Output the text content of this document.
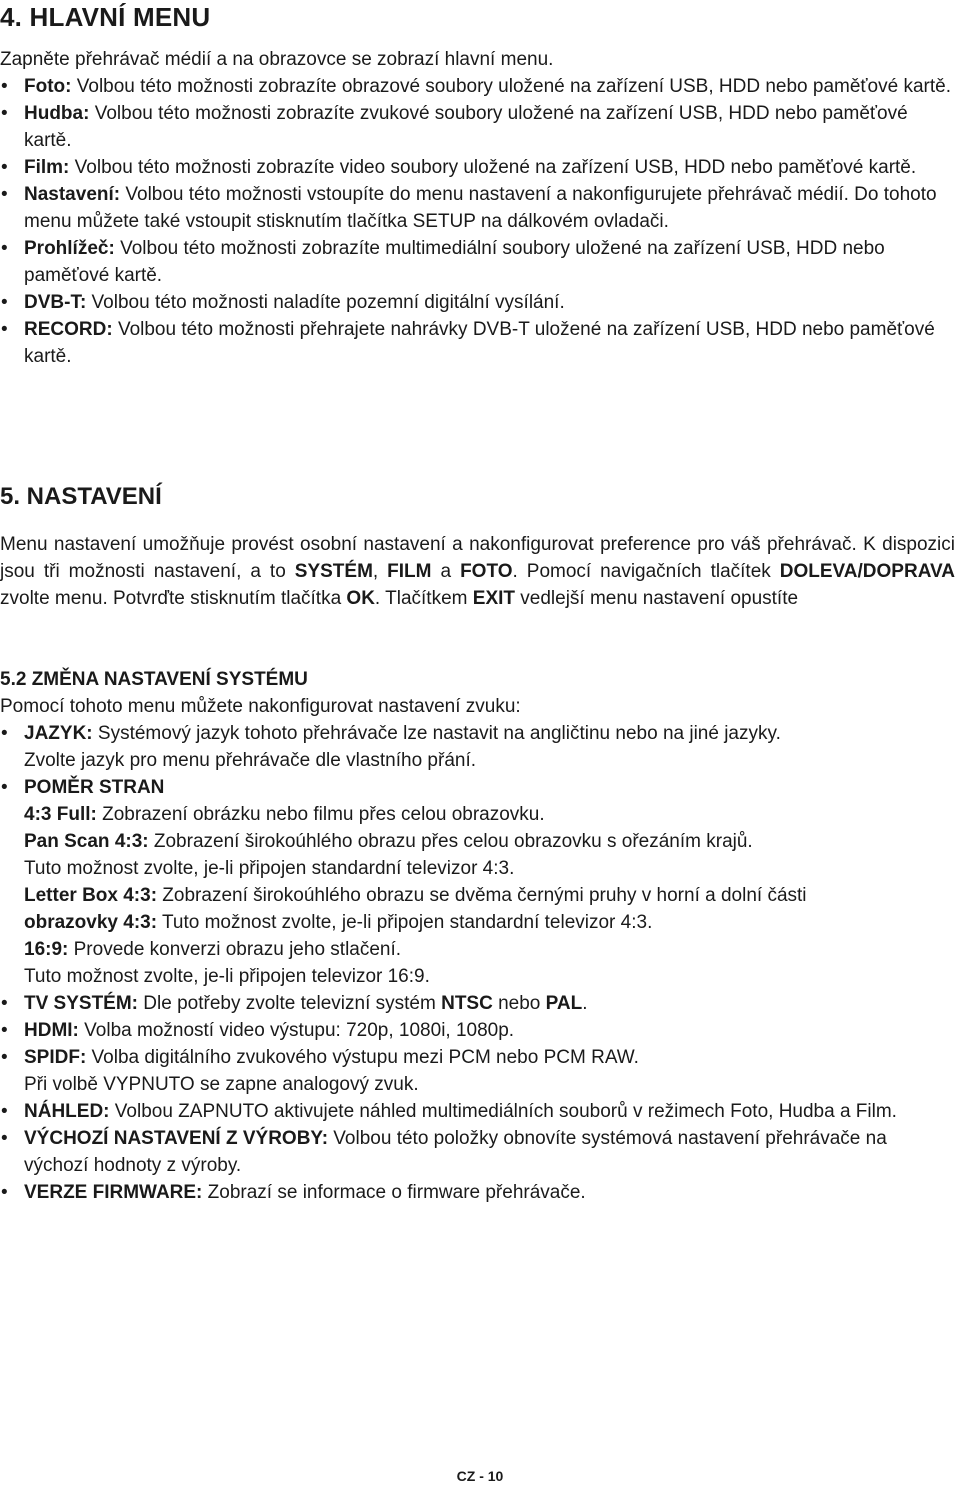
4. HLAVNÍ MENU

Zapněte přehrávač médií a na obrazovce se zobrazí hlavní menu.

• Foto: Volbou této možnosti zobrazíte obrazové soubory uložené na zařízení USB, HDD nebo paměťové kartě.
• Hudba: Volbou této možnosti zobrazíte zvukové soubory uložené na zařízení USB, HDD nebo paměťové kartě.
• Film: Volbou této možnosti zobrazíte video soubory uložené na zařízení USB, HDD nebo paměťové kartě.
• Nastavení: Volbou této možnosti vstoupíte do menu nastavení a nakonfigurujete přehrávač médií. Do tohoto menu můžete také vstoupit stisknutím tlačítka SETUP na dálkovém ovladači.
• Prohlížeč: Volbou této možnosti zobrazíte multimediální soubory uložené na zařízení USB, HDD nebo paměťové kartě.
• DVB-T: Volbou této možnosti naladíte pozemní digitální vysílání.
• RECORD: Volbou této možnosti přehrajete nahrávky DVB-T uložené na zařízení USB, HDD nebo paměťové kartě.
5. NASTAVENÍ

Menu nastavení umožňuje provést osobní nastavení a nakonfigurovat preference pro váš přehrávač. K dispozici jsou tři možnosti nastavení, a to SYSTÉM, FILM a FOTO. Pomocí navigačních tlačítek DOLEVA/DOPRAVA zvolte menu. Potvrďte stisknutím tlačítka OK. Tlačítkem EXIT vedlejší menu nastavení opustíte

5.2 ZMĚNA NASTAVENÍ SYSTÉMU

Pomocí tohoto menu můžete nakonfigurovat nastavení zvuku:

• JAZYK: Systémový jazyk tohoto přehrávače lze nastavit na angličtinu nebo na jiné jazyky.
Zvolte jazyk pro menu přehrávače dle vlastního přání.
• POMĚR STRAN
4:3 Full: Zobrazení obrázku nebo filmu přes celou obrazovku.
Pan Scan 4:3: Zobrazení širokoúhlého obrazu přes celou obrazovku s ořezáním krajů.
Tuto možnost zvolte, je-li připojen standardní televizor 4:3.
Letter Box 4:3: Zobrazení širokoúhlého obrazu se dvěma černými pruhy v horní a dolní části
obrazovky 4:3: Tuto možnost zvolte, je-li připojen standardní televizor 4:3.
16:9: Provede konverzi obrazu jeho stlačení.
Tuto možnost zvolte, je-li připojen televizor 16:9.
• TV SYSTÉM: Dle potřeby zvolte televizní systém NTSC nebo PAL.
• HDMI: Volba možností video výstupu: 720p, 1080i, 1080p.
• SPIDF: Volba digitálního zvukového výstupu mezi PCM nebo PCM RAW.
Při volbě VYPNUTO se zapne analogový zvuk.
• NÁHLED: Volbou ZAPNUTO aktivujete náhled multimediálních souborů v režimech Foto, Hudba a Film.
• VÝCHOZÍ NASTAVENÍ Z VÝROBY: Volbou této položky obnovíte systémová nastavení přehrávače na výchozí hodnoty z výroby.
• VERZE FIRMWARE: Zobrazí se informace o firmware přehrávače.
CZ - 10
